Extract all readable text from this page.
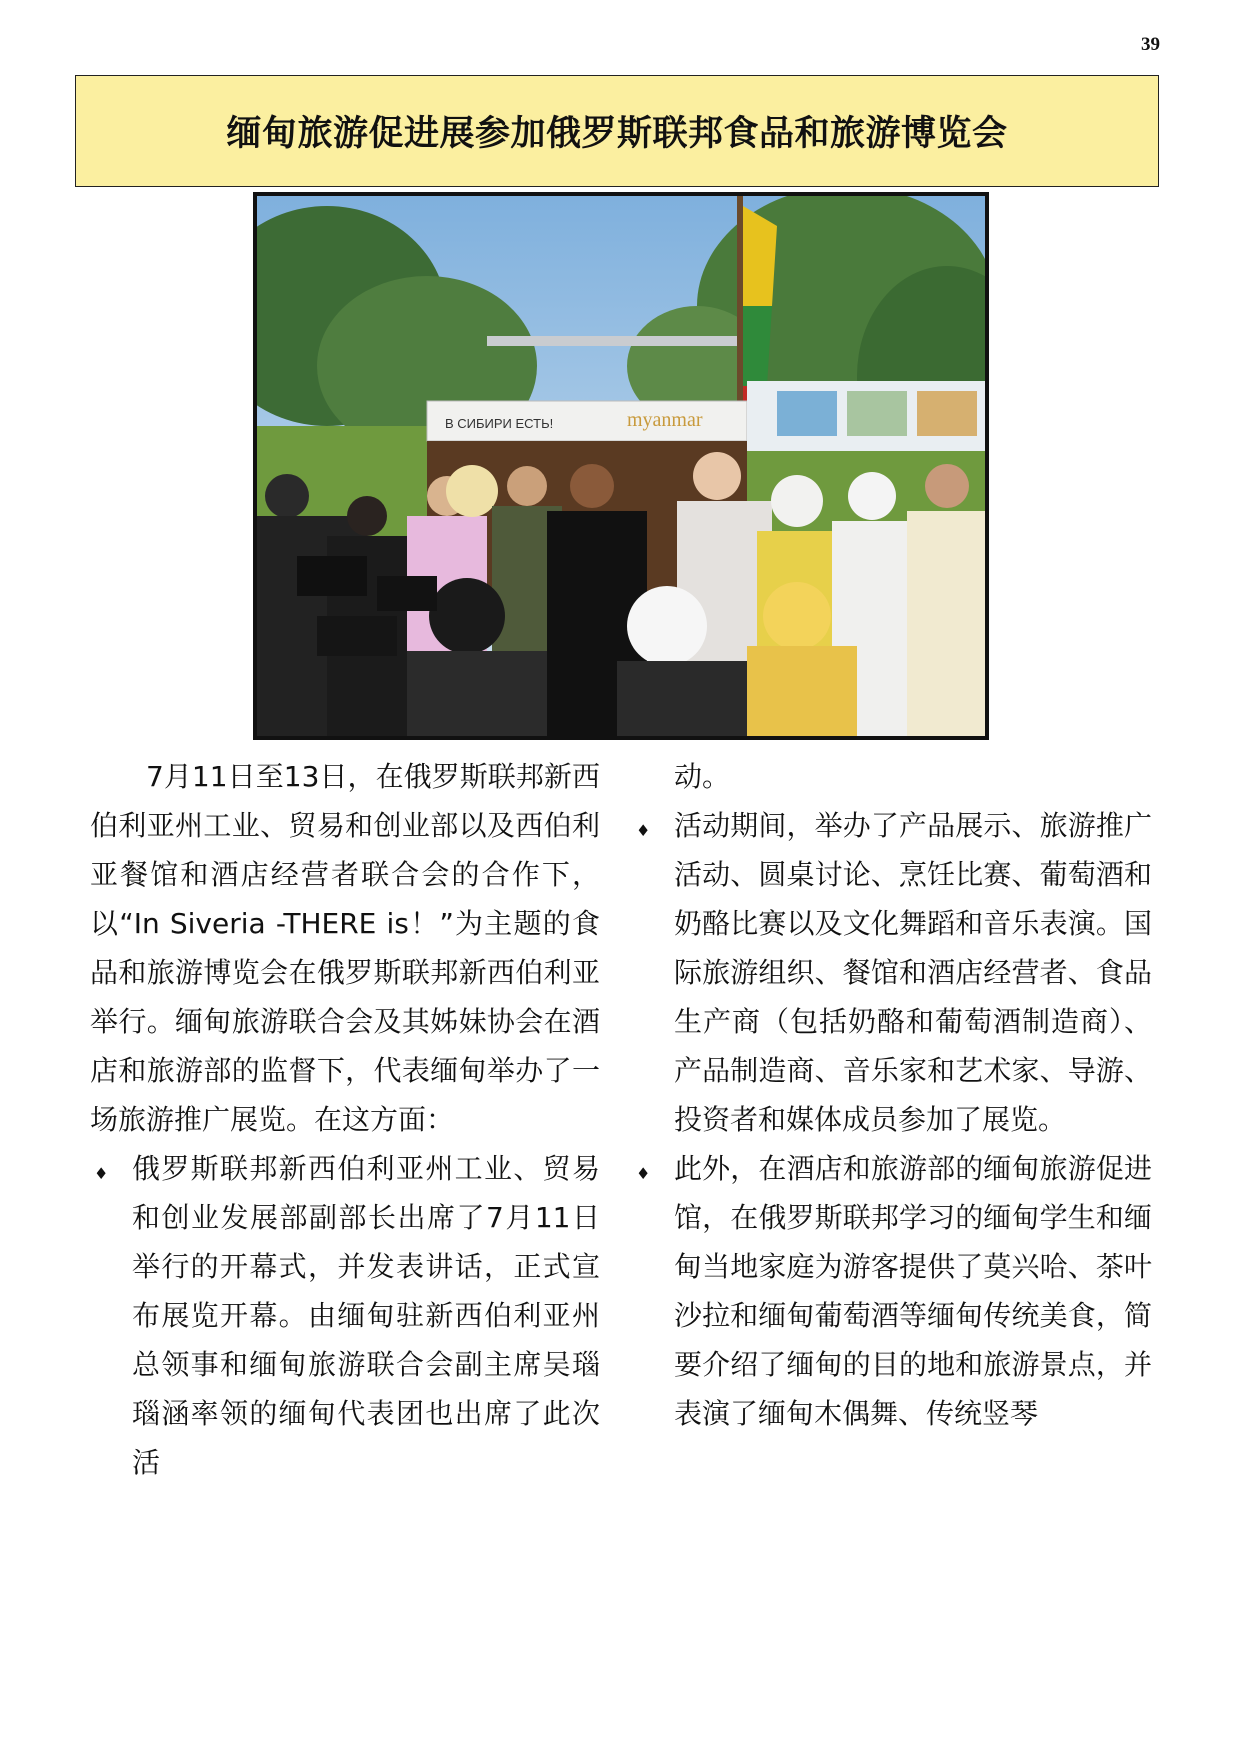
39
缅甸旅游促进展参加俄罗斯联邦食品和旅游博览会
В СИБИРИ ЕСТЬ!	myanmar

7月11日至13日，在俄罗斯联邦新西伯利亚州工业、贸易和创业部以及西伯利亚餐馆和酒店经营者联合会的合作下，以“In Siveria -THERE is！”为主题的食品和旅游博览会在俄罗斯联邦新西伯利亚举行。缅甸旅游联合会及其姊妹协会在酒店和旅游部的监督下，代表缅甸举办了一场旅游推广展览。在这方面：

♦ 俄罗斯联邦新西伯利亚州工业、贸易和创业发展部副部长出席了7月11日举行的开幕式，并发表讲话，正式宣布展览开幕。由缅甸驻新西伯利亚州总领事和缅甸旅游联合会副主席吴瑙瑙涵率领的缅甸代表团也出席了此次活

动。

♦ 活动期间，举办了产品展示、旅游推广活动、圆桌讨论、烹饪比赛、葡萄酒和奶酪比赛以及文化舞蹈和音乐表演。国际旅游组织、餐馆和酒店经营者、食品生产商（包括奶酪和葡萄酒制造商）、产品制造商、音乐家和艺术家、导游、投资者和媒体成员参加了展览。

♦ 此外，在酒店和旅游部的缅甸旅游促进馆，在俄罗斯联邦学习的缅甸学生和缅甸当地家庭为游客提供了莫兴哈、茶叶沙拉和缅甸葡萄酒等缅甸传统美食，简要介绍了缅甸的目的地和旅游景点，并表演了缅甸木偶舞、传统竖琴
